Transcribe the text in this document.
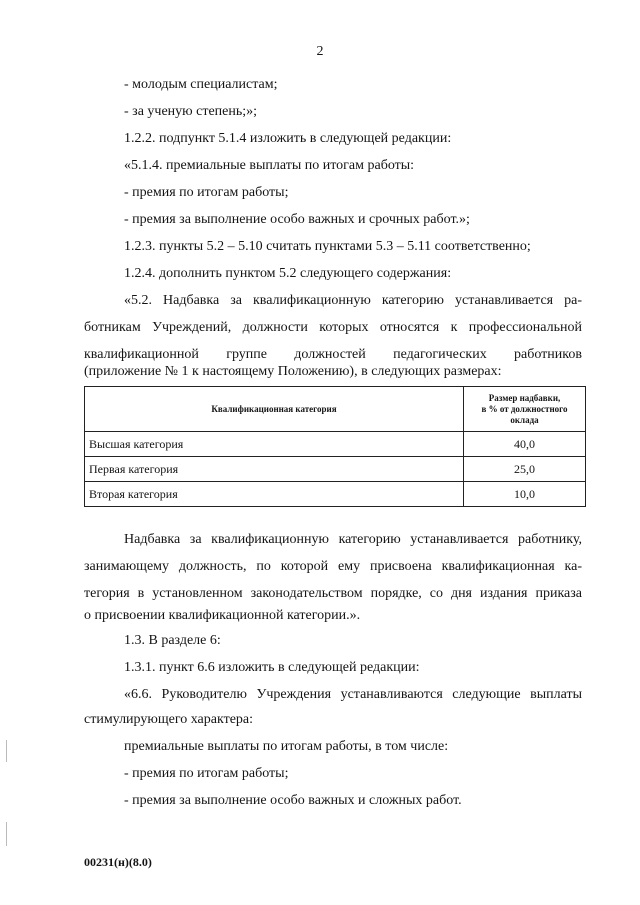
2
- молодым специалистам;
- за ученую степень;»;
1.2.2. подпункт 5.1.4 изложить в следующей редакции:
«5.1.4. премиальные выплаты по итогам работы:
- премия по итогам работы;
- премия за выполнение особо важных и срочных работ.»;
1.2.3. пункты 5.2 – 5.10 считать пунктами 5.3 – 5.11 соответственно;
1.2.4. дополнить пунктом 5.2 следующего содержания:
«5.2. Надбавка за квалификационную категорию устанавливается ра-
ботникам Учреждений, должности которых относятся к профессиональной
квалификационной группе должностей педагогических работников
(приложение № 1 к настоящему Положению), в следующих размерах:
Квалификационная категория	Размер надбавки,
в % от должностного
оклада

Высшая категория	40,0
Первая категория	25,0
Вторая категория	10,0
Надбавка за квалификационную категорию устанавливается работнику,
занимающему должность, по которой ему присвоена квалификационная ка-
тегория в установленном законодательством порядке, со дня издания приказа
о присвоении квалификационной категории.».
1.3. В разделе 6:
1.3.1. пункт 6.6 изложить в следующей редакции:
«6.6. Руководителю Учреждения устанавливаются следующие выплаты
стимулирующего характера:
премиальные выплаты по итогам работы, в том числе:
- премия по итогам работы;
- премия за выполнение особо важных и сложных работ.
00231(н)(8.0)
